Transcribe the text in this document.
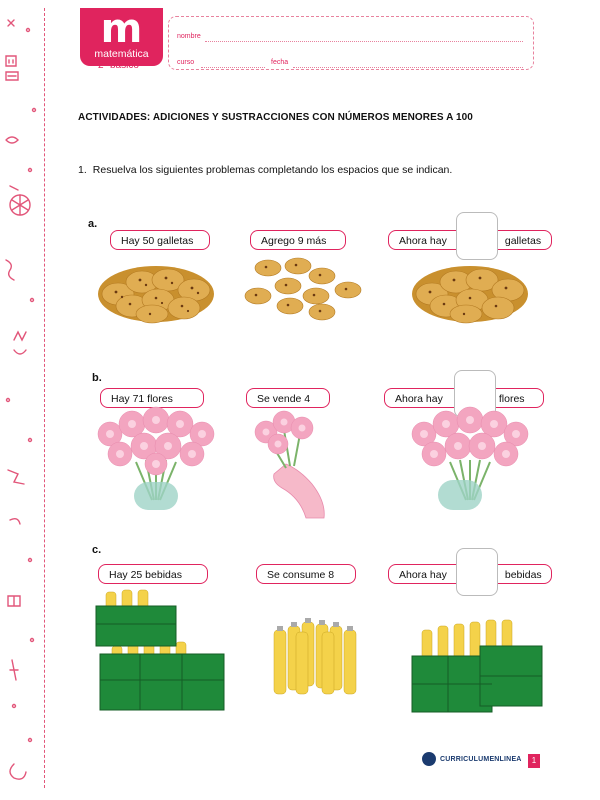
m
matemática
2º básico
nombre
curso	fecha
ACTIVIDADES: ADICIONES Y SUSTRACCIONES CON NÚMEROS MENORES A 100
1. Resuelva los siguientes problemas completando los espacios que se indican.
a.
Hay 50 galletas	Agrego 9 más	Ahora hay	galletas
b.
Hay 71 flores	Se vende 4	Ahora hay	flores
c.
Hay 25 bebidas	Se consume 8	Ahora hay	bebidas
CURRICULUMENLINEA	1
